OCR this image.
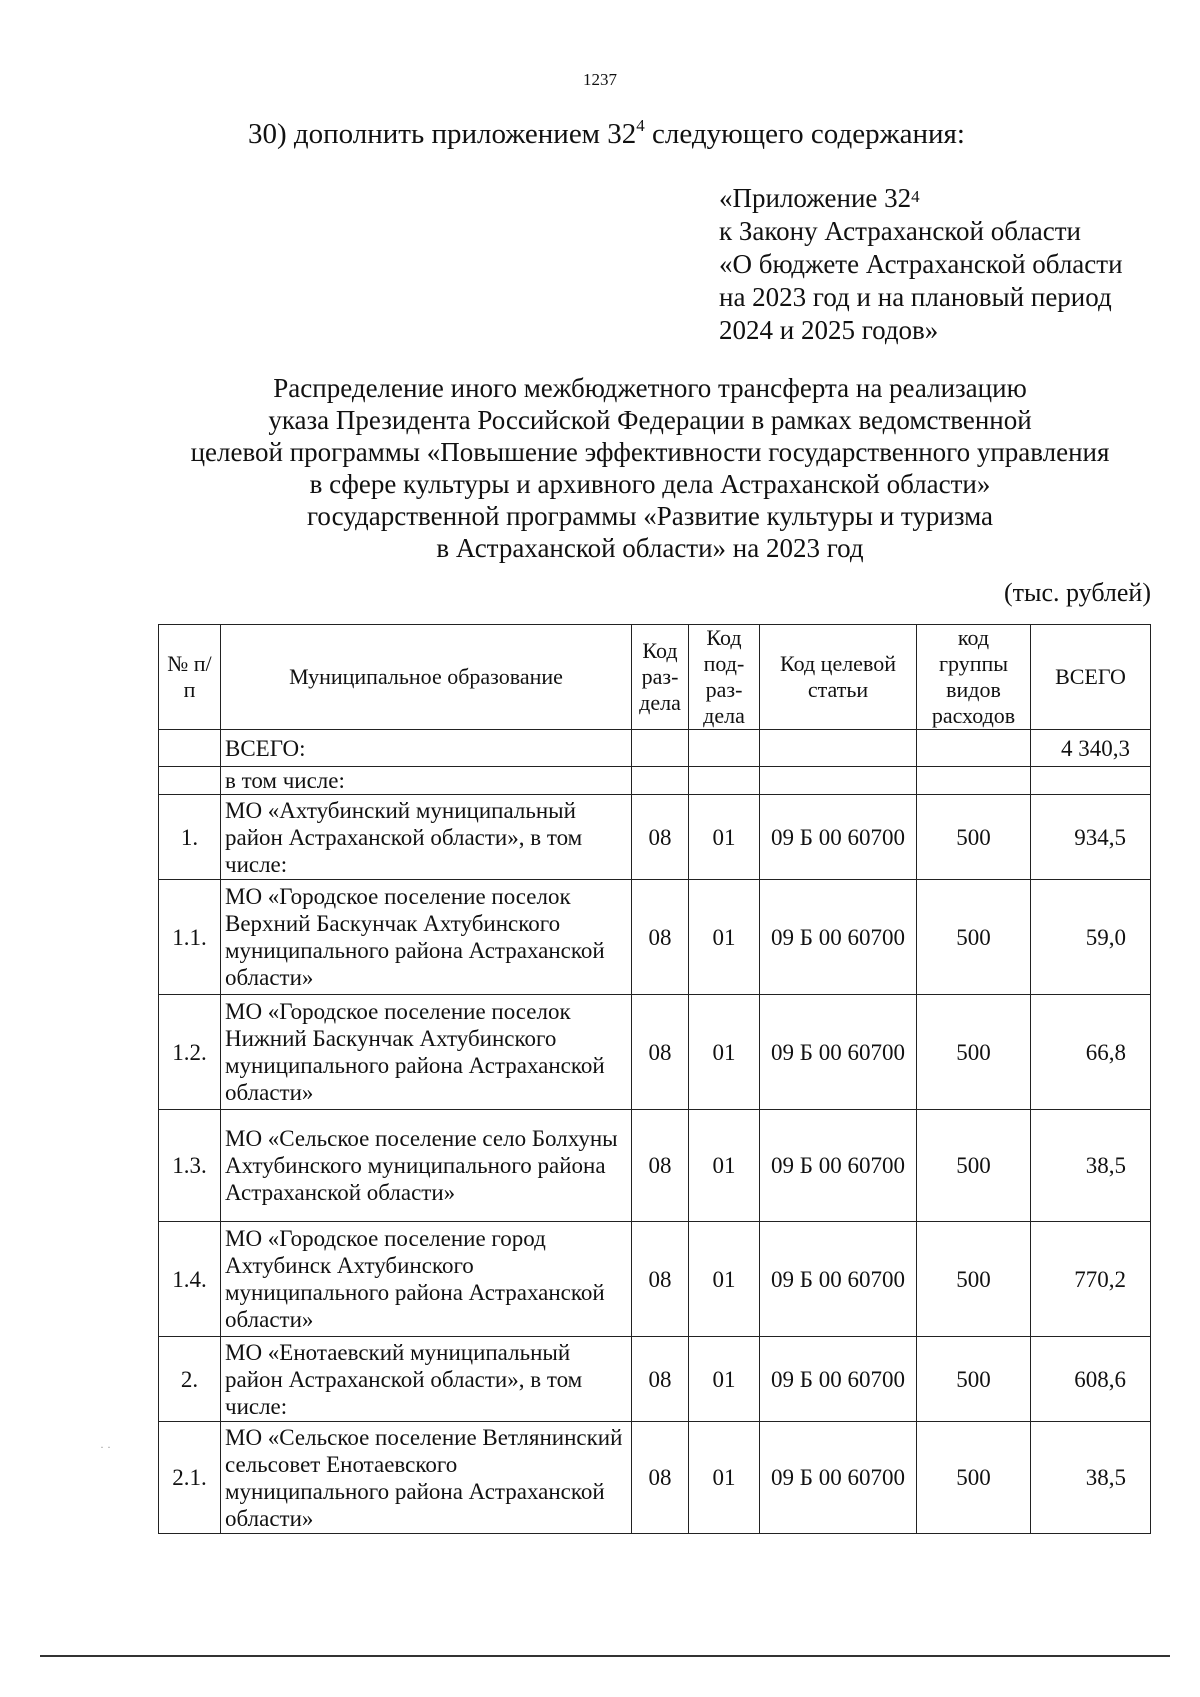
1237
30) дополнить приложением $32^4$ следующего содержания:
«Приложение $32^4$
к Закону Астраханской области
«О бюджете Астраханской области
на 2023 год и на плановый период
2024 и 2025 годов»
Распределение иного межбюджетного трансферта на реализацию
указа Президента Российской Федерации в рамках ведомственной
целевой программы «Повышение эффективности государственного управления
в сфере культуры и архивного дела Астраханской области»
государственной программы «Развитие культуры и туризма
в Астраханской области» на 2023 год
(тыс. рублей)
№ п/п	Муниципальное образование	Код раз-дела	Код под-раз-дела	Код целевой статьи	код группы видов расходов	ВСЕГО
	ВСЕГО:					4 340,3
	в том числе:					
1.	МО «Ахтубинский муниципальный район Астраханской области», в том числе:	08	01	09 Б 00 60700	500	934,5
1.1.	МО «Городское поселение поселок Верхний Баскунчак Ахтубинского муниципального района Астраханской области»	08	01	09 Б 00 60700	500	59,0
1.2.	МО «Городское поселение поселок Нижний Баскунчак Ахтубинского муниципального района Астраханской области»	08	01	09 Б 00 60700	500	66,8
1.3.	МО «Сельское поселение село Болхуны Ахтубинского муниципального района Астраханской области»	08	01	09 Б 00 60700	500	38,5
1.4.	МО «Городское поселение город Ахтубинск Ахтубинского муниципального района Астраханской области»	08	01	09 Б 00 60700	500	770,2
2.	МО «Енотаевский муниципальный район Астраханской области», в том числе:	08	01	09 Б 00 60700	500	608,6
2.1.	МО «Сельское поселение Ветлянинский сельсовет Енотаевского муниципального района Астраханской области»	08	01	09 Б 00 60700	500	38,5
· ·
